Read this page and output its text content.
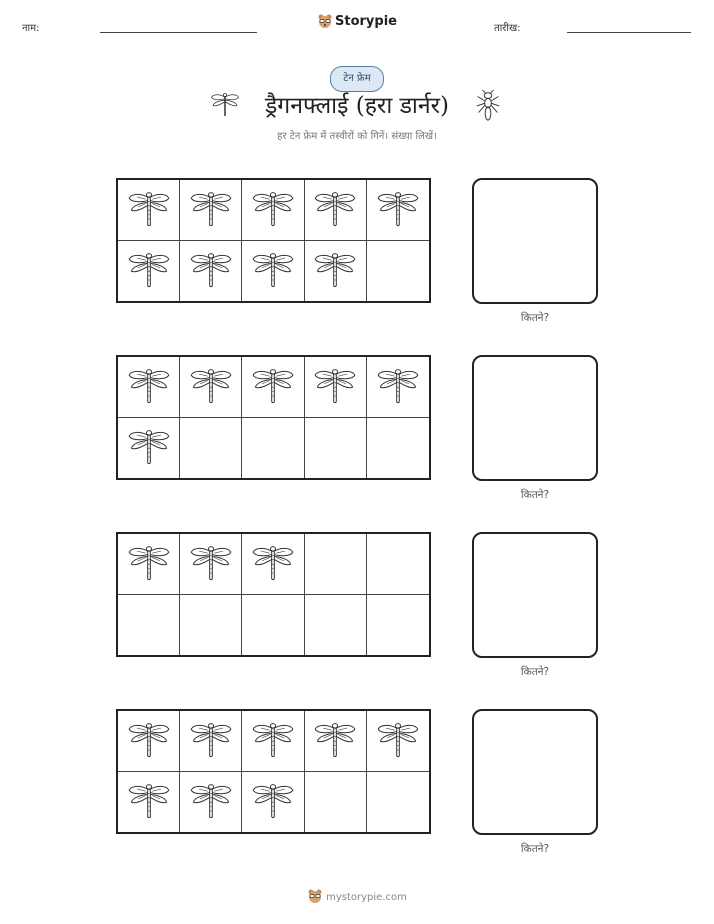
नाम:	Storypie	तारीख:
टेन फ्रेम
ड्रैगनफ्लाई (हरा डार्नर)
हर टेन फ्रेम में तस्वीरों को गिनें। संख्या लिखें।
कितने?
कितने?
कितने?
कितने?
mystorypie.com
